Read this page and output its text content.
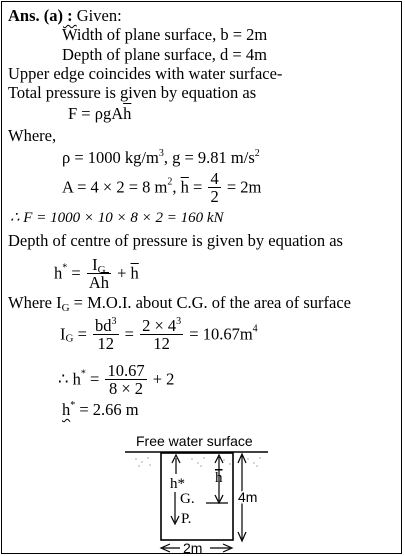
Ans. (a) : Given:
Width of plane surface, b = 2m
Depth of plane surface, d = 4m
Upper edge coincides with water surface-
Total pressure is given by equation as
$F = \rho gA\overline{h}$
Where,
ρ = 1000 $kg/m^3$, g = 9.81 $m/s^2$
A = 4 × 2 = 8 $m^2$, $\overline{h} = \frac{4}{2} = 2m$
∴ F = 1000 × 10 × 8 × 2 = 160 kN
Depth of centre of pressure is given by equation as
$h^* = \frac{I_G}{A\overline{h}} + \overline{h}$
Where $I_G = M.O.I$. about C.G. of the area of surface
$I_G = \frac{bd^3}{12} = \frac{2 \times 4^3}{12} = 10.67m^4$
∴ $h^* = \frac{10.67}{8 \times 2} + 2$
h* = 2.66 m
Free water surface
h*
G.
P.
h
4m
2m
